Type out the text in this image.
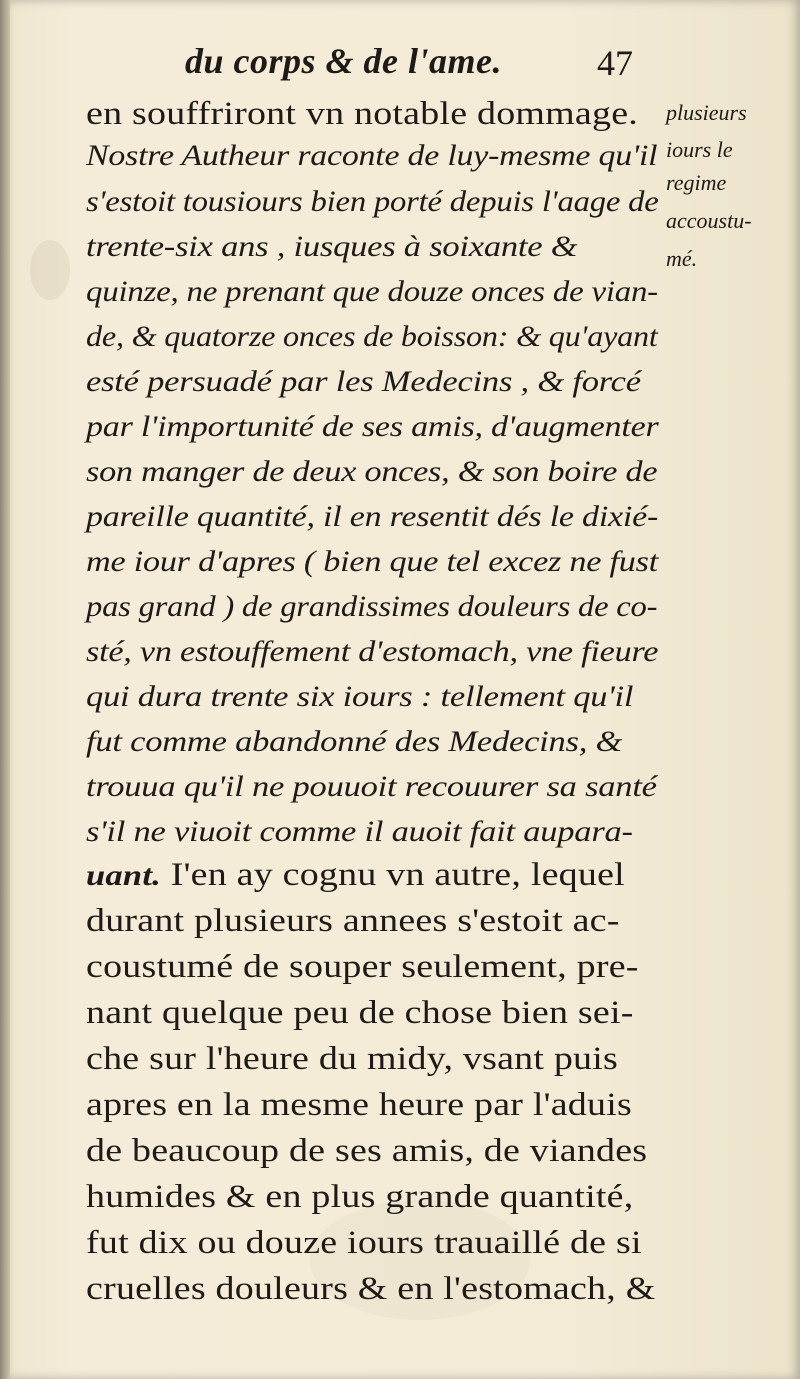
du corps & de l'ame.	47
en souffriront vn notable dommage.
Nostre Autheur raconte de luy-mesme qu'il
s'estoit tousiours bien porté depuis l'aage de
trente-six ans , iusques à soixante &
quinze, ne prenant que douze onces de vian-
de, & quatorze onces de boisson: & qu'ayant
esté persuadé par les Medecins , & forcé
par l'importunité de ses amis, d'augmenter
son manger de deux onces, & son boire de
pareille quantité, il en resentit dés le dixié-
me iour d'apres ( bien que tel excez ne fust
pas grand ) de grandissimes douleurs de co-
sté, vn estouffement d'estomach, vne fieure
qui dura trente six iours : tellement qu'il
fut comme abandonné des Medecins, &
trouua qu'il ne pouuoit recouurer sa santé
s'il ne viuoit comme il auoit fait aupara-
uant. I'en ay cognu vn autre, lequel
durant plusieurs annees s'estoit ac-
coustumé de souper seulement, pre-
nant quelque peu de chose bien sei-
che sur l'heure du midy, vsant puis
apres en la mesme heure par l'aduis
de beaucoup de ses amis, de viandes
humides & en plus grande quantité,
fut dix ou douze iours trauaillé de si
cruelles douleurs & en l'estomach, &
plusieurs
iours le
regime
accoustu-
mé.
